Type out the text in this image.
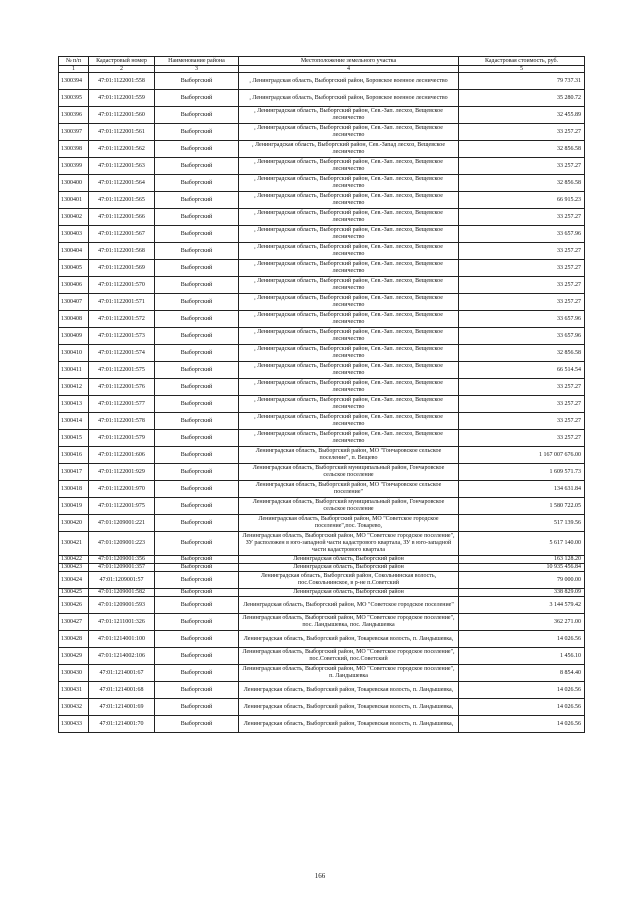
№ п/п	Кадастровый номер	Наименование района	Местоположение земельного участка	Кадастровая стоимость, руб.
1	2	3	4	5
1300394	47:01:1122001:558	Выборгский	, Ленинградская область, Выборгский район, Боровское военное лесничество	79 737.31
1300395	47:01:1122001:559	Выборгский	, Ленинградская область, Выборгский район, Боровское военное лесничество	35 280.72
1300396	47:01:1122001:560	Выборгский	, Ленинградская область, Выборгский район, Сев.-Зап. лесхоз, Вещевское лесничество	32 455.89
1300397	47:01:1122001:561	Выборгский	, Ленинградская область, Выборгский район, Сев.-Зап. лесхоз, Вещевское лесничество	33 257.27
1300398	47:01:1122001:562	Выборгский	, Ленинградская область, Выборгский район, Сев.-Запад лесхоз, Вещевское лесничество	32 856.58
1300399	47:01:1122001:563	Выборгский	, Ленинградская область, Выборгский район, Сев.-Зап. лесхоз, Вещевское лесничество	33 257.27
1300400	47:01:1122001:564	Выборгский	, Ленинградская область, Выборгский район, Сев.-Зап. лесхоз, Вещевское лесничество	32 856.58
1300401	47:01:1122001:565	Выборгский	, Ленинградская область, Выборгский район, Сев.-Зап. лесхоз, Вещевское лесничество	66 915.23
1300402	47:01:1122001:566	Выборгский	, Ленинградская область, Выборгский район, Сев.-Зап. лесхоз, Вещевское лесничество	33 257.27
1300403	47:01:1122001:567	Выборгский	, Ленинградская область, Выборгский район, Сев.-Зап. лесхоз, Вещевское лесничество	33 657.96
1300404	47:01:1122001:568	Выборгский	, Ленинградская область, Выборгский район, Сев.-Зап. лесхоз, Вещевское лесничество	33 257.27
1300405	47:01:1122001:569	Выборгский	, Ленинградская область, Выборгский район, Сев.-Зап. лесхоз, Вещевское лесничество	33 257.27
1300406	47:01:1122001:570	Выборгский	, Ленинградская область, Выборгский район, Сев.-Зап. лесхоз, Вещевское лесничество	33 257.27
1300407	47:01:1122001:571	Выборгский	, Ленинградская область, Выборгский район, Сев.-Зап. лесхоз, Вещевское лесничество	33 257.27
1300408	47:01:1122001:572	Выборгский	, Ленинградская область, Выборгский район, Сев.-Зап. лесхоз, Вещевское лесничество	33 657.96
1300409	47:01:1122001:573	Выборгский	, Ленинградская область, Выборгский район, Сев.-Зап. лесхоз, Вещевское лесничество	33 657.96
1300410	47:01:1122001:574	Выборгский	, Ленинградская область, Выборгский район, Сев.-Зап. лесхоз, Вещевское лесничество	32 856.58
1300411	47:01:1122001:575	Выборгский	, Ленинградская область, Выборгский район, Сев.-Зап. лесхоз, Вещевское лесничество	66 514.54
1300412	47:01:1122001:576	Выборгский	, Ленинградская область, Выборгский район, Сев.-Зап. лесхоз, Вещевское лесничество	33 257.27
1300413	47:01:1122001:577	Выборгский	, Ленинградская область, Выборгский район, Сев.-Зап. лесхоз, Вещевское лесничество	33 257.27
1300414	47:01:1122001:578	Выборгский	, Ленинградская область, Выборгский район, Сев.-Зап. лесхоз, Вещевское лесничество	33 257.27
1300415	47:01:1122001:579	Выборгский	, Ленинградская область, Выборгский район, Сев.-Зап. лесхоз, Вещевское лесничество	33 257.27
1300416	47:01:1122001:606	Выборгский	Ленинградская область, Выборгский район, МО "Гончаровское сельское поселение", п. Вещево	1 167 007 676.00
1300417	47:01:1122001:929	Выборгский	Ленинградская область, Выборгский муниципальный район, Гончаровское сельское поселение	1 609 571.73
1300418	47:01:1122001:970	Выборгский	Ленинградская область, Выборгский район, МО "Гончаровское сельское поселение"	134 631.84
1300419	47:01:1122001:975	Выборгский	Ленинградская область, Выборгский муниципальный район, Гончаровское сельское поселение	1 580 722.05
1300420	47:01:1209001:221	Выборгский	Ленинградская область, Выборгский район, МО "Советское городское поселение",пос. Токарево,	517 139.56
1300421	47:01:1209001:223	Выборгский	Ленинградская область, Выборгский район, МО "Советское городское поселение", ЗУ расположен в юго-западной части кадастрового квартала, ЗУ в юго-западной части кадастрового квартала	5 617 140.00
1300422	47:01:1209001:356	Выборгский	Ленинградская область, Выборгский район	163 128.20
1300423	47:01:1209001:357	Выборгский	Ленинградская область, Выборгский район	10 935 456.84
1300424	47:01:1209001:57	Выборгский	Ленинградская область, Выборгский район, Сокольнинская волость, пос.Сокольнинское, в р-не п.Советский	79 000.00
1300425	47:01:1209001:582	Выборгский	Ленинградская область, Выборгский район	338 829.09
1300426	47:01:1209001:593	Выборгский	Ленинградская область, Выборгский район, МО "Советское городское поселение"	3 144 579.42
1300427	47:01:1211001:326	Выборгский	Ленинградская область, Выборгский район, МО "Советское городское поселение", пос. Ландышевка, пос. Ландышевка	362 271.00
1300428	47:01:1214001:100	Выборгский	Ленинградская область, Выборгский район, Токаревская волость, п. Ландышевка,	14 026.56
1300429	47:01:1214002:106	Выборгский	Ленинградская область, Выборгский район, МО "Советское городское поселение", пос.Советский, пос.Советский	1 456.10
1300430	47:01:1214001:67	Выборгский	Ленинградская область, Выборгский район, МО "Советское городское поселение", п. Ландышевка	8 854.40
1300431	47:01:1214001:68	Выборгский	Ленинградская область, Выборгский район, Токаревская волость, п. Ландышевка,	14 026.56
1300432	47:01:1214001:69	Выборгский	Ленинградская область, Выборгский район, Токаревская волость, п. Ландышевка,	14 026.56
1300433	47:01:1214001:70	Выборгский	Ленинградская область, Выборгский район, Токаревская волость, п. Ландышевка,	14 026.56
166
